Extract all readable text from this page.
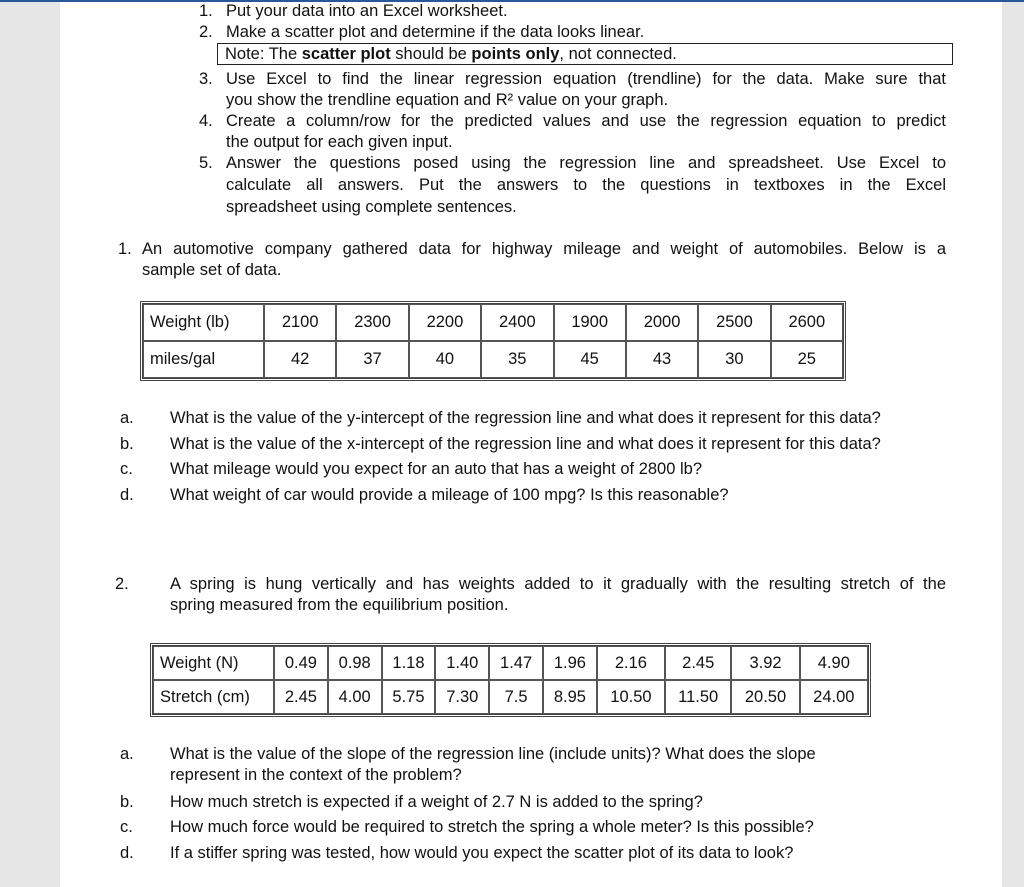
1. Put your data into an Excel worksheet.
2. Make a scatter plot and determine if the data looks linear.
Note: The scatter plot should be points only, not connected.
3. Use Excel to find the linear regression equation (trendline) for the data. Make sure that
you show the trendline equation and R² value on your graph.
4. Create a column/row for the predicted values and use the regression equation to predict
the output for each given input.
5. Answer the questions posed using the regression line and spreadsheet. Use Excel to
calculate all answers. Put the answers to the questions in textboxes in the Excel
spreadsheet using complete sentences.
1. An automotive company gathered data for highway mileage and weight of automobiles. Below is a
sample set of data.
Weight (lb)	2100	2300	2200	2400	1900	2000	2500	2600
miles/gal	42	37	40	35	45	43	30	25
a. What is the value of the y-intercept of the regression line and what does it represent for this data?
b. What is the value of the x-intercept of the regression line and what does it represent for this data?
c. What mileage would you expect for an auto that has a weight of 2800 lb?
d. What weight of car would provide a mileage of 100 mpg? Is this reasonable?
2. A spring is hung vertically and has weights added to it gradually with the resulting stretch of the
spring measured from the equilibrium position.
Weight (N)	0.49	0.98	1.18	1.40	1.47	1.96	2.16	2.45	3.92	4.90
Stretch (cm)	2.45	4.00	5.75	7.30	7.5	8.95	10.50	11.50	20.50	24.00
a. What is the value of the slope of the regression line (include units)? What does the slope
represent in the context of the problem?
b. How much stretch is expected if a weight of 2.7 N is added to the spring?
c. How much force would be required to stretch the spring a whole meter? Is this possible?
d. If a stiffer spring was tested, how would you expect the scatter plot of its data to look?
